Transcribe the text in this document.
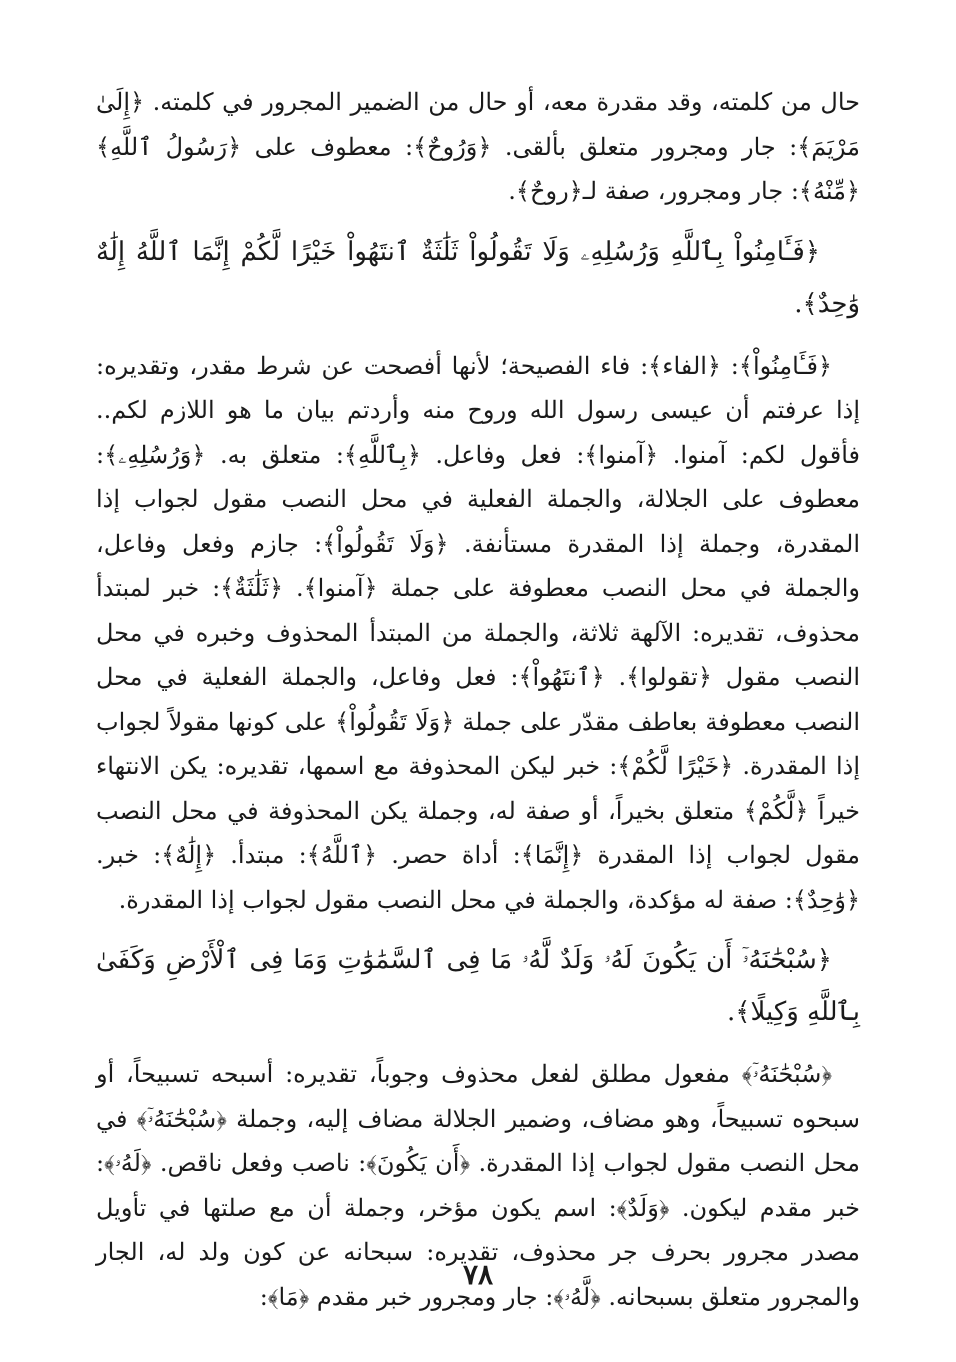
حال من كلمته، وقد مقدرة معه، أو حال من الضمير المجرور في كلمته. ﴿إِلَىٰ مَرْيَمَ﴾: جار ومجرور متعلق بألقى. ﴿وَرُوحٌ﴾: معطوف على ﴿رَسُولُ ٱللَّهِ﴾ ﴿مِّنْهُ﴾: جار ومجرور، صفة لـ﴿روحٌ﴾.

﴿فَـَٔامِنُواْ بِٱللَّهِ وَرُسُلِهِۦ وَلَا تَقُولُواْ ثَلَٰثَةٌ ٱنتَهُواْ خَيْرًا لَّكُمْ إِنَّمَا ٱللَّهُ إِلَٰهٌ وَٰحِدٌ﴾.

﴿فَـَٔامِنُواْ﴾: ﴿الفاء﴾: فاء الفصيحة؛ لأنها أفصحت عن شرط مقدر، وتقديره: إذا عرفتم أن عيسى رسول الله وروح منه وأردتم بيان ما هو اللازم لكم.. فأقول لكم: آمنوا. ﴿آمنوا﴾: فعل وفاعل. ﴿بِٱللَّهِ﴾: متعلق به. ﴿وَرُسُلِهِۦ﴾: معطوف على الجلالة، والجملة الفعلية في محل النصب مقول لجواب إذا المقدرة، وجملة إذا المقدرة مستأنفة. ﴿وَلَا تَقُولُواْ﴾: جازم وفعل وفاعل، والجملة في محل النصب معطوفة على جملة ﴿آمنوا﴾. ﴿ثَلَٰثَةٌ﴾: خبر لمبتدأ محذوف، تقديره: الآلهة ثلاثة، والجملة من المبتدأ المحذوف وخبره في محل النصب مقول ﴿تقولوا﴾. ﴿ٱنتَهُواْ﴾: فعل وفاعل، والجملة الفعلية في محل النصب معطوفة بعاطف مقدّر على جملة ﴿وَلَا تَقُولُواْ﴾ على كونها مقولاً لجواب إذا المقدرة. ﴿خَيْرًا لَّكُمْ﴾: خبر ليكن المحذوفة مع اسمها، تقديره: يكن الانتهاء خيراً ﴿لَّكُمْ﴾ متعلق بخيراً، أو صفة له، وجملة يكن المحذوفة في محل النصب مقول لجواب إذا المقدرة ﴿إِنَّمَا﴾: أداة حصر. ﴿ٱللَّهُ﴾: مبتدأ. ﴿إِلَٰهٌ﴾: خبر. ﴿وَٰحِدٌ﴾: صفة له مؤكدة، والجملة في محل النصب مقول لجواب إذا المقدرة.

﴿سُبْحَٰنَهُۥٓ أَن يَكُونَ لَهُۥ وَلَدٌ لَّهُۥ مَا فِى ٱلسَّمَٰوَٰتِ وَمَا فِى ٱلْأَرْضِ وَكَفَىٰ بِٱللَّهِ وَكِيلًا﴾.

﴿سُبْحَٰنَهُۥٓ﴾ مفعول مطلق لفعل محذوف وجوباً، تقديره: أسبحه تسبيحاً، أو سبحوه تسبيحاً، وهو مضاف، وضمير الجلالة مضاف إليه، وجملة ﴿سُبْحَٰنَهُۥٓ﴾ في محل النصب مقول لجواب إذا المقدرة. ﴿أَن يَكُونَ﴾: ناصب وفعل ناقص. ﴿لَهُۥ﴾: خبر مقدم ليكون. ﴿وَلَدٌ﴾: اسم يكون مؤخر، وجملة أن مع صلتها في تأويل مصدر مجرور بحرف جر محذوف، تقديره: سبحانه عن كون ولد له، الجار والمجرور متعلق بسبحانه. ﴿لَّهُۥ﴾: جار ومجرور خبر مقدم ﴿مَا﴾:

٧٨
